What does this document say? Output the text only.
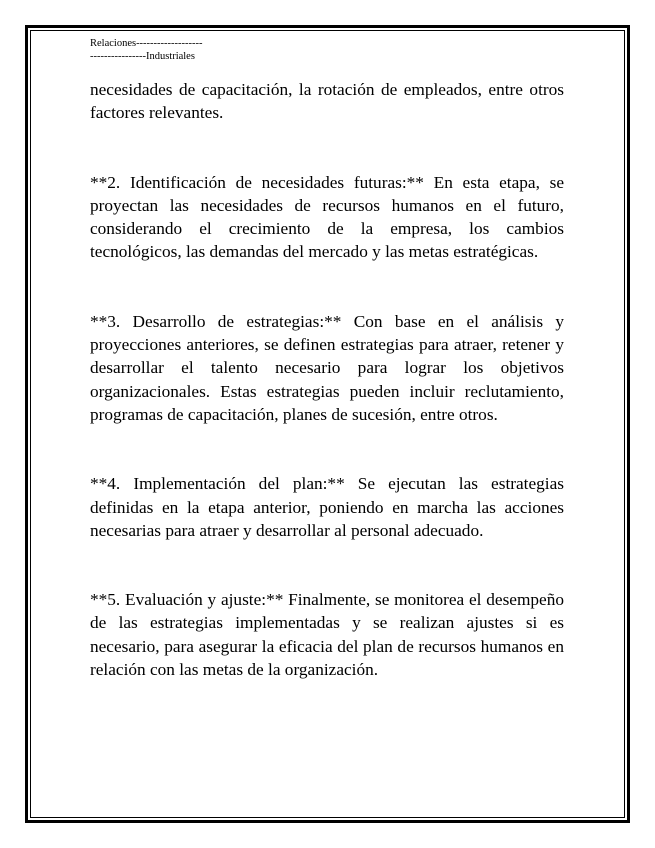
Relaciones-------------------
----------------Industriales

necesidades de capacitación, la rotación de empleados, entre otros factores relevantes.

**2. Identificación de necesidades futuras:** En esta etapa, se proyectan las necesidades de recursos humanos en el futuro, considerando el crecimiento de la empresa, los cambios tecnológicos, las demandas del mercado y las metas estratégicas.

**3. Desarrollo de estrategias:** Con base en el análisis y proyecciones anteriores, se definen estrategias para atraer, retener y desarrollar el talento necesario para lograr los objetivos organizacionales. Estas estrategias pueden incluir reclutamiento, programas de capacitación, planes de sucesión, entre otros.

**4. Implementación del plan:** Se ejecutan las estrategias definidas en la etapa anterior, poniendo en marcha las acciones necesarias para atraer y desarrollar al personal adecuado.

**5. Evaluación y ajuste:** Finalmente, se monitorea el desempeño de las estrategias implementadas y se realizan ajustes si es necesario, para asegurar la eficacia del plan de recursos humanos en relación con las metas de la organización.
